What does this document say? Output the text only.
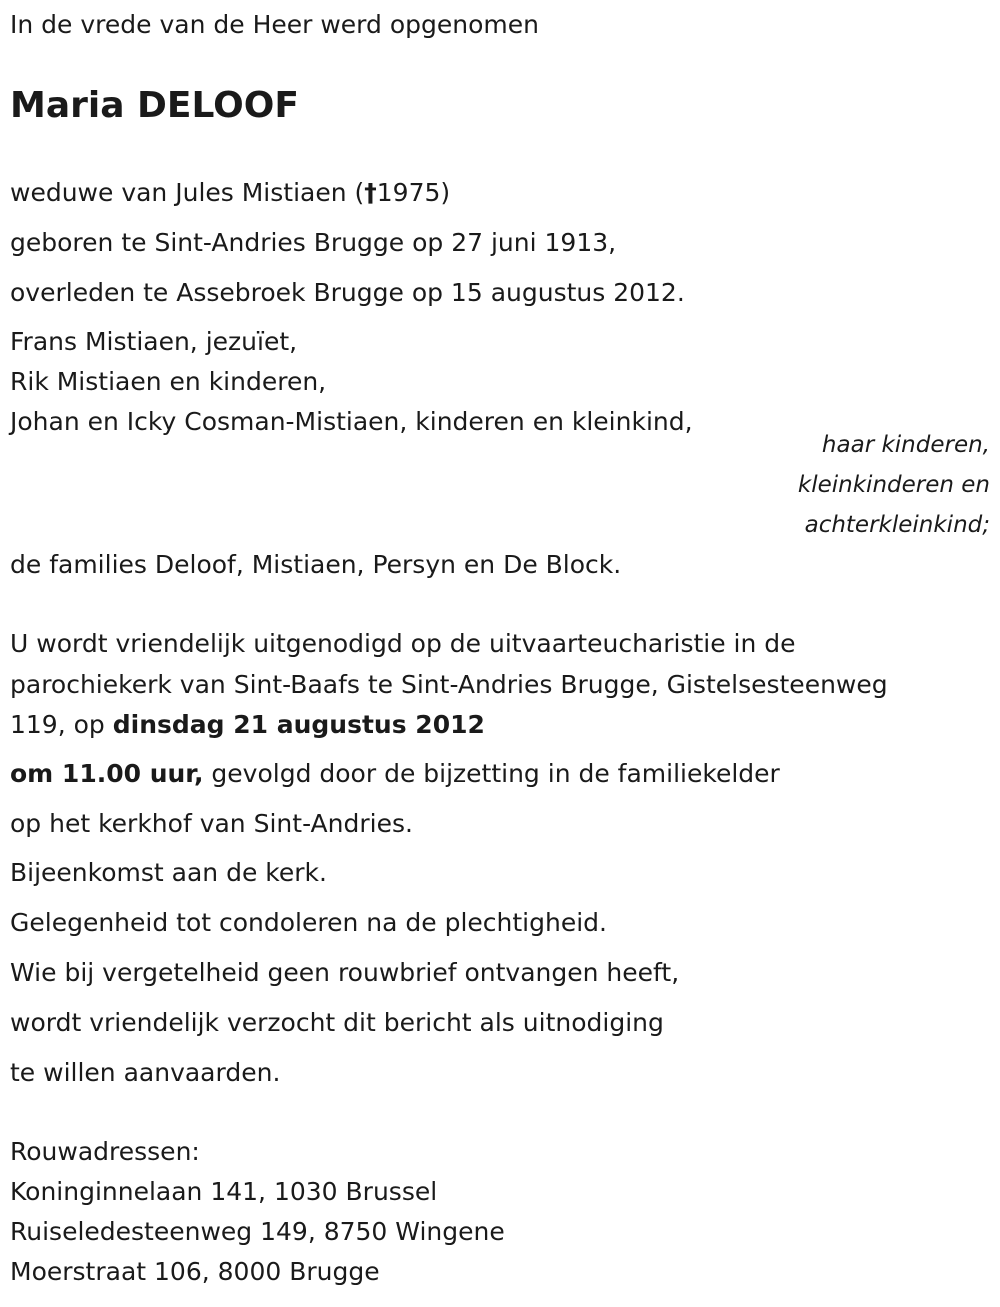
In de vrede van de Heer werd opgenomen
Maria DELOOF
weduwe van Jules Mistiaen (†1975)
geboren te Sint-Andries Brugge op 27 juni 1913,
overleden te Assebroek Brugge op 15 augustus 2012.
Frans Mistiaen, jezuïet,
Rik Mistiaen en kinderen,
Johan en Icky Cosman-Mistiaen, kinderen en kleinkind,
haar kinderen,
kleinkinderen en
achterkleinkind;
de families Deloof, Mistiaen, Persyn en De Block.
U wordt vriendelijk uitgenodigd op de uitvaarteucharistie in de
parochiekerk van Sint-Baafs te Sint-Andries Brugge, Gistelsesteenweg
119, op dinsdag 21 augustus 2012
om 11.00 uur, gevolgd door de bijzetting in de familiekelder
op het kerkhof van Sint-Andries.
Bijeenkomst aan de kerk.
Gelegenheid tot condoleren na de plechtigheid.
Wie bij vergetelheid geen rouwbrief ontvangen heeft,
wordt vriendelijk verzocht dit bericht als uitnodiging
te willen aanvaarden.
Rouwadressen:
Koninginnelaan 141, 1030 Brussel
Ruiseledesteenweg 149, 8750 Wingene
Moerstraat 106, 8000 Brugge
